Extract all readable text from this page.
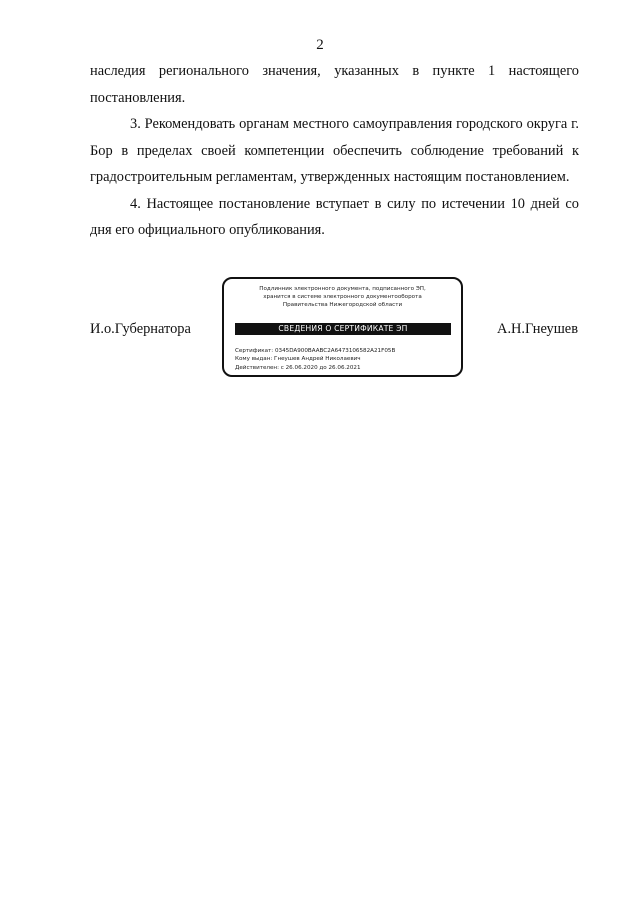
2

наследия регионального значения, указанных в пункте 1 настоящего постановления.

3. Рекомендовать органам местного самоуправления городского округа г. Бор в пределах своей компетенции обеспечить соблюдение требований к градостроительным регламентам, утвержденных настоящим постановлением.

4. Настоящее постановление вступает в силу по истечении 10 дней со дня его официального опубликования.

И.о.Губернатора
Подлинник электронного документа, подписанного ЭП,
хранится в системе электронного документооборота
Правительства Нижегородской области
СВЕДЕНИЯ О СЕРТИФИКАТЕ ЭП
Сертификат: 0345DA900BAABC2A6473106582A21F05B
Кому выдан: Гнеушев Андрей Николаевич
Действителен: с 26.06.2020 до 26.06.2021
А.Н.Гнеушев
